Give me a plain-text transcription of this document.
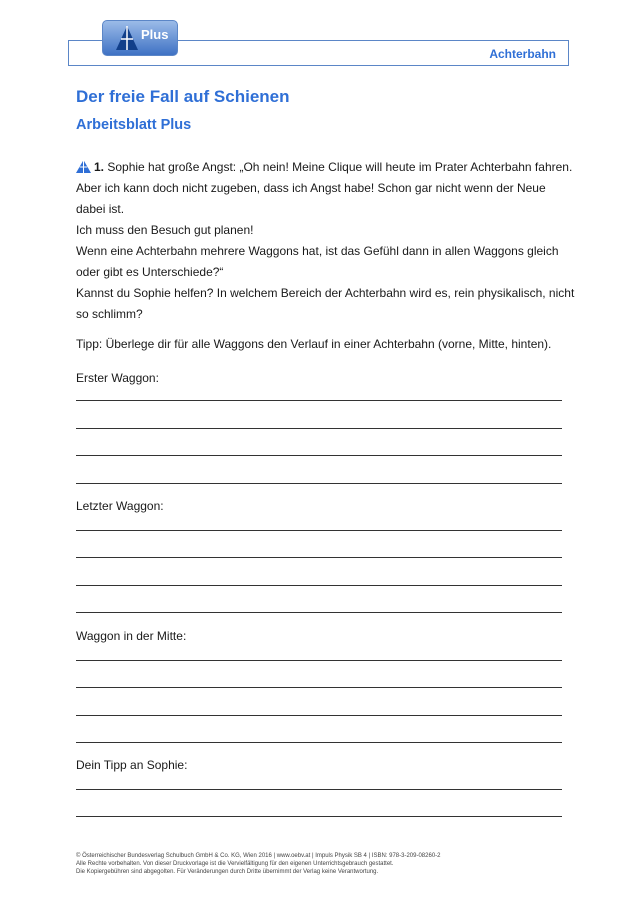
Achterbahn
Plus
Der freie Fall auf Schienen
Arbeitsblatt Plus

1. Sophie hat große Angst: „Oh nein! Meine Clique will heute im Prater Achterbahn fahren. Aber ich kann doch nicht zugeben, dass ich Angst habe! Schon gar nicht wenn der Neue dabei ist.

Ich muss den Besuch gut planen!

Wenn eine Achterbahn mehrere Waggons hat, ist das Gefühl dann in allen Waggons gleich oder gibt es Unterschiede?“

Kannst du Sophie helfen? In welchem Bereich der Achterbahn wird es, rein physikalisch, nicht so schlimm?

Tipp: Überlege dir für alle Waggons den Verlauf in einer Achterbahn (vorne, Mitte, hinten).
Erster Waggon:
Letzter Waggon:
Waggon in der Mitte:
Dein Tipp an Sophie:
© Österreichischer Bundesverlag Schulbuch GmbH & Co. KG, Wien 2016 | www.oebv.at | Impuls Physik SB 4 | ISBN: 978-3-209-08260-2
Alle Rechte vorbehalten. Von dieser Druckvorlage ist die Vervielfältigung für den eigenen Unterrichtsgebrauch gestattet.
Die Kopiergebühren sind abgegolten. Für Veränderungen durch Dritte übernimmt der Verlag keine Verantwortung.
